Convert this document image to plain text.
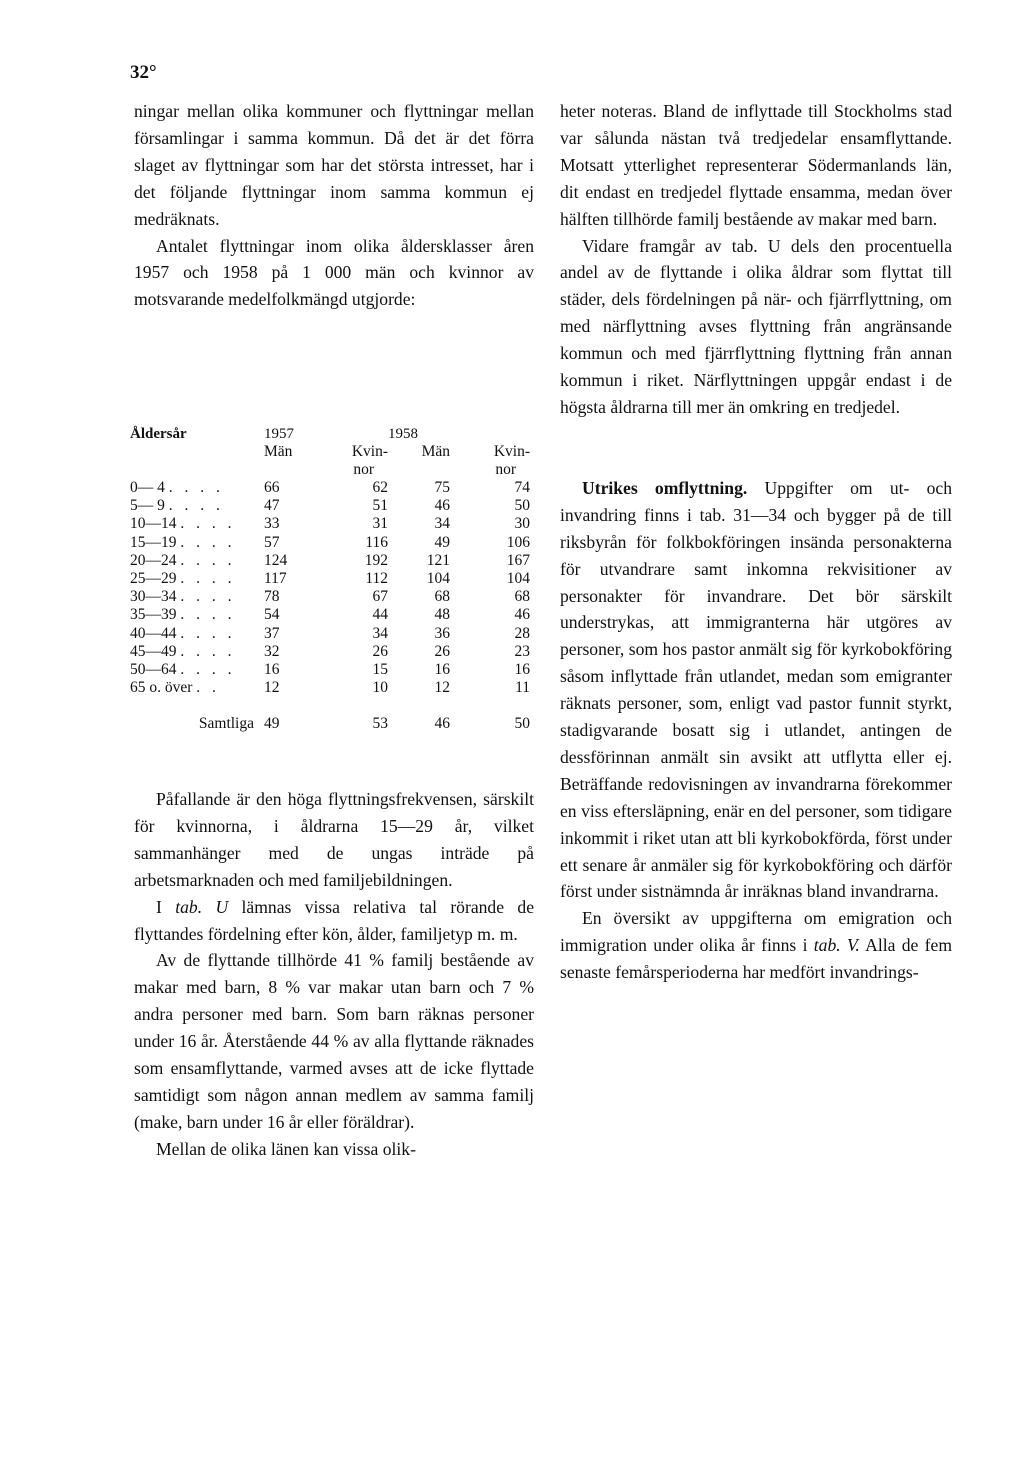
32°

ningar mellan olika kommuner och flyttningar mellan församlingar i samma kommun. Då det är det förra slaget av flyttningar som har det största intresset, har i det följande flyttningar inom samma kommun ej medräknats.

Antalet flyttningar inom olika åldersklasser åren 1957 och 1958 på 1 000 män och kvinnor av motsvarande medelfolkmängd utgjorde:

Åldersår	1957		1958	
	Män	Kvin-	Män	Kvin-
		nor		nor
0— 4 . . . .	66	62	75	74
5— 9 . . . .	47	51	46	50
10—14 . . . .	33	31	34	30
15—19 . . . .	57	116	49	106
20—24 . . . .	124	192	121	167
25—29 . . . .	117	112	104	104
30—34 . . . .	78	67	68	68
35—39 . . . .	54	44	48	46
40—44 . . . .	37	34	36	28
45—49 . . . .	32	26	26	23
50—64 . . . .	16	15	16	16
65 o. över . .	12	10	12	11
Samtliga	49	53	46	50

Påfallande är den höga flyttningsfrekvensen, särskilt för kvinnorna, i åldrarna 15—29 år, vilket sammanhänger med de ungas inträde på arbetsmarknaden och med familjebildningen.

I tab. U lämnas vissa relativa tal rörande de flyttandes fördelning efter kön, ålder, familjetyp m. m.

Av de flyttande tillhörde 41 % familj bestående av makar med barn, 8 % var makar utan barn och 7 % andra personer med barn. Som barn räknas personer under 16 år. Återstående 44 % av alla flyttande räknades som ensamflyttande, varmed avses att de icke flyttade samtidigt som någon annan medlem av samma familj (make, barn under 16 år eller föräldrar).

Mellan de olika länen kan vissa olik-

heter noteras. Bland de inflyttade till Stockholms stad var sålunda nästan två tredjedelar ensamflyttande. Motsatt ytterlighet representerar Södermanlands län, dit endast en tredjedel flyttade ensamma, medan över hälften tillhörde familj bestående av makar med barn.

Vidare framgår av tab. U dels den procentuella andel av de flyttande i olika åldrar som flyttat till städer, dels fördelningen på när- och fjärrflyttning, om med närflyttning avses flyttning från angränsande kommun och med fjärrflyttning flyttning från annan kommun i riket. Närflyttningen uppgår endast i de högsta åldrarna till mer än omkring en tredjedel.

Utrikes omflyttning. Uppgifter om ut- och invandring finns i tab. 31—34 och bygger på de till riksbyrån för folkbokföringen insända personakterna för utvandrare samt inkomna rekvisitioner av personakter för invandrare. Det bör särskilt understrykas, att immigranterna här utgöres av personer, som hos pastor anmält sig för kyrkobokföring såsom inflyttade från utlandet, medan som emigranter räknats personer, som, enligt vad pastor funnit styrkt, stadigvarande bosatt sig i utlandet, antingen de dessförinnan anmält sin avsikt att utflytta eller ej. Beträffande redovisningen av invandrarna förekommer en viss eftersläpning, enär en del personer, som tidigare inkommit i riket utan att bli kyrkobokförda, först under ett senare år anmäler sig för kyrkobokföring och därför först under sistnämnda år inräknas bland invandrarna.

En översikt av uppgifterna om emigration och immigration under olika år finns i tab. V. Alla de fem senaste femårsperioderna har medfört invandrings-
